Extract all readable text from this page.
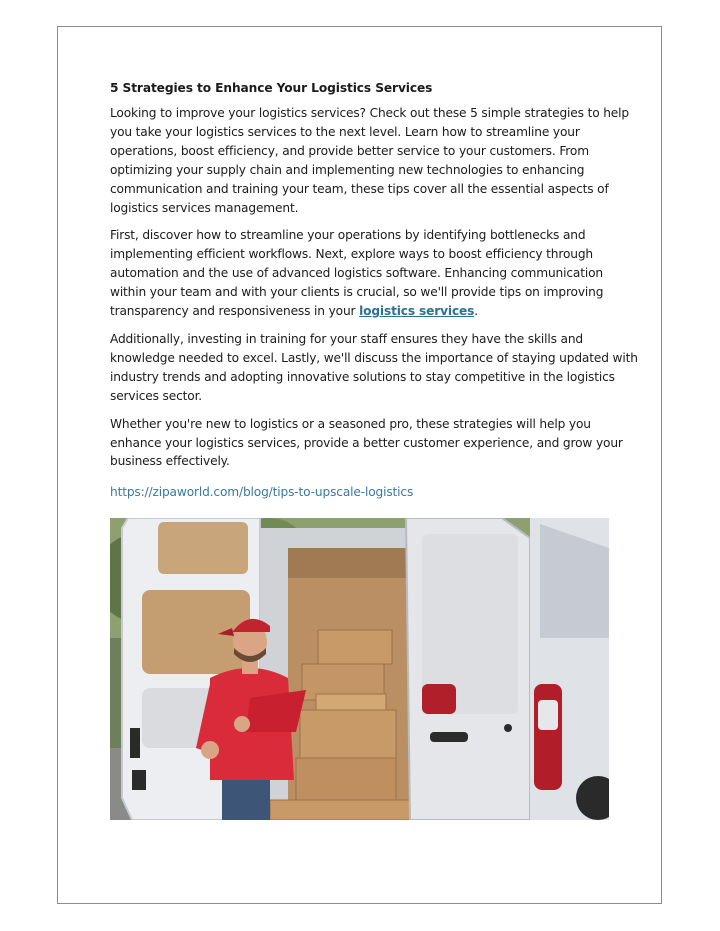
5 Strategies to Enhance Your Logistics Services
Looking to improve your logistics services? Check out these 5 simple strategies to help
you take your logistics services to the next level. Learn how to streamline your
operations, boost efficiency, and provide better service to your customers. From
optimizing your supply chain and implementing new technologies to enhancing
communication and training your team, these tips cover all the essential aspects of
logistics services management.
First, discover how to streamline your operations by identifying bottlenecks and
implementing efficient workflows. Next, explore ways to boost efficiency through
automation and the use of advanced logistics software. Enhancing communication
within your team and with your clients is crucial, so we'll provide tips on improving
transparency and responsiveness in your logistics services.
Additionally, investing in training for your staff ensures they have the skills and
knowledge needed to excel. Lastly, we'll discuss the importance of staying updated with
industry trends and adopting innovative solutions to stay competitive in the logistics
services sector.
Whether you're new to logistics or a seasoned pro, these strategies will help you
enhance your logistics services, provide a better customer experience, and grow your
business effectively.
https://zipaworld.com/blog/tips-to-upscale-logistics
